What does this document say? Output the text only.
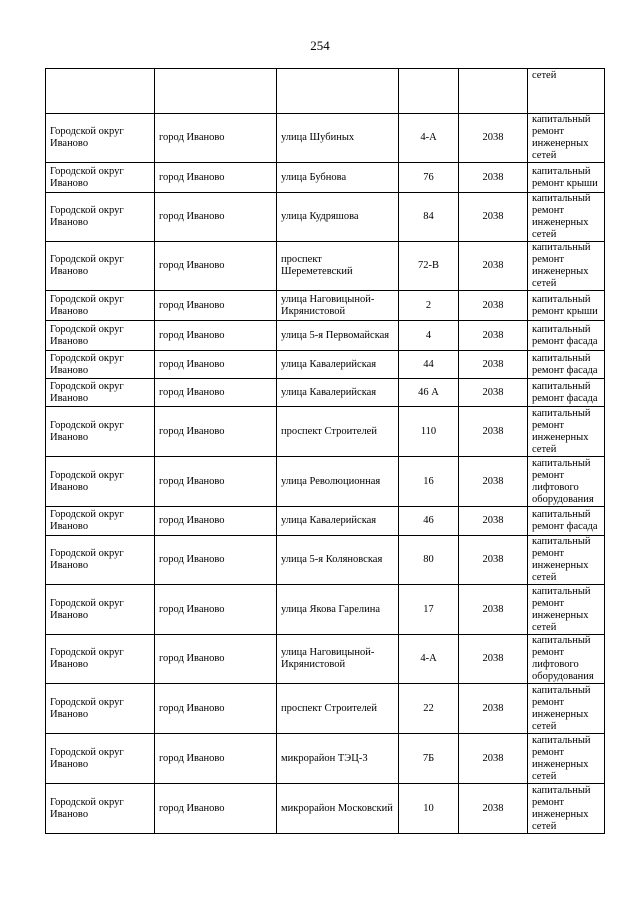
254
					сетей
Городской округ Иваново	город Иваново	улица Шубиных	4-А	2038	капитальный ремонт инженерных сетей
Городской округ Иваново	город Иваново	улица Бубнова	76	2038	капитальный ремонт крыши
Городской округ Иваново	город Иваново	улица Кудряшова	84	2038	капитальный ремонт инженерных сетей
Городской округ Иваново	город Иваново	проспект Шереметевский	72-В	2038	капитальный ремонт инженерных сетей
Городской округ Иваново	город Иваново	улица Наговицыной-Икрянистовой	2	2038	капитальный ремонт крыши
Городской округ Иваново	город Иваново	улица 5-я Первомайская	4	2038	капитальный ремонт фасада
Городской округ Иваново	город Иваново	улица Кавалерийская	44	2038	капитальный ремонт фасада
Городской округ Иваново	город Иваново	улица Кавалерийская	46 А	2038	капитальный ремонт фасада
Городской округ Иваново	город Иваново	проспект Строителей	110	2038	капитальный ремонт инженерных сетей
Городской округ Иваново	город Иваново	улица Революционная	16	2038	капитальный ремонт лифтового оборудования
Городской округ Иваново	город Иваново	улица Кавалерийская	46	2038	капитальный ремонт фасада
Городской округ Иваново	город Иваново	улица 5-я Коляновская	80	2038	капитальный ремонт инженерных сетей
Городской округ Иваново	город Иваново	улица Якова Гарелина	17	2038	капитальный ремонт инженерных сетей
Городской округ Иваново	город Иваново	улица Наговицыной-Икрянистовой	4-А	2038	капитальный ремонт лифтового оборудования
Городской округ Иваново	город Иваново	проспект Строителей	22	2038	капитальный ремонт инженерных сетей
Городской округ Иваново	город Иваново	микрорайон ТЭЦ-3	7Б	2038	капитальный ремонт инженерных сетей
Городской округ Иваново	город Иваново	микрорайон Московский	10	2038	капитальный ремонт инженерных сетей
